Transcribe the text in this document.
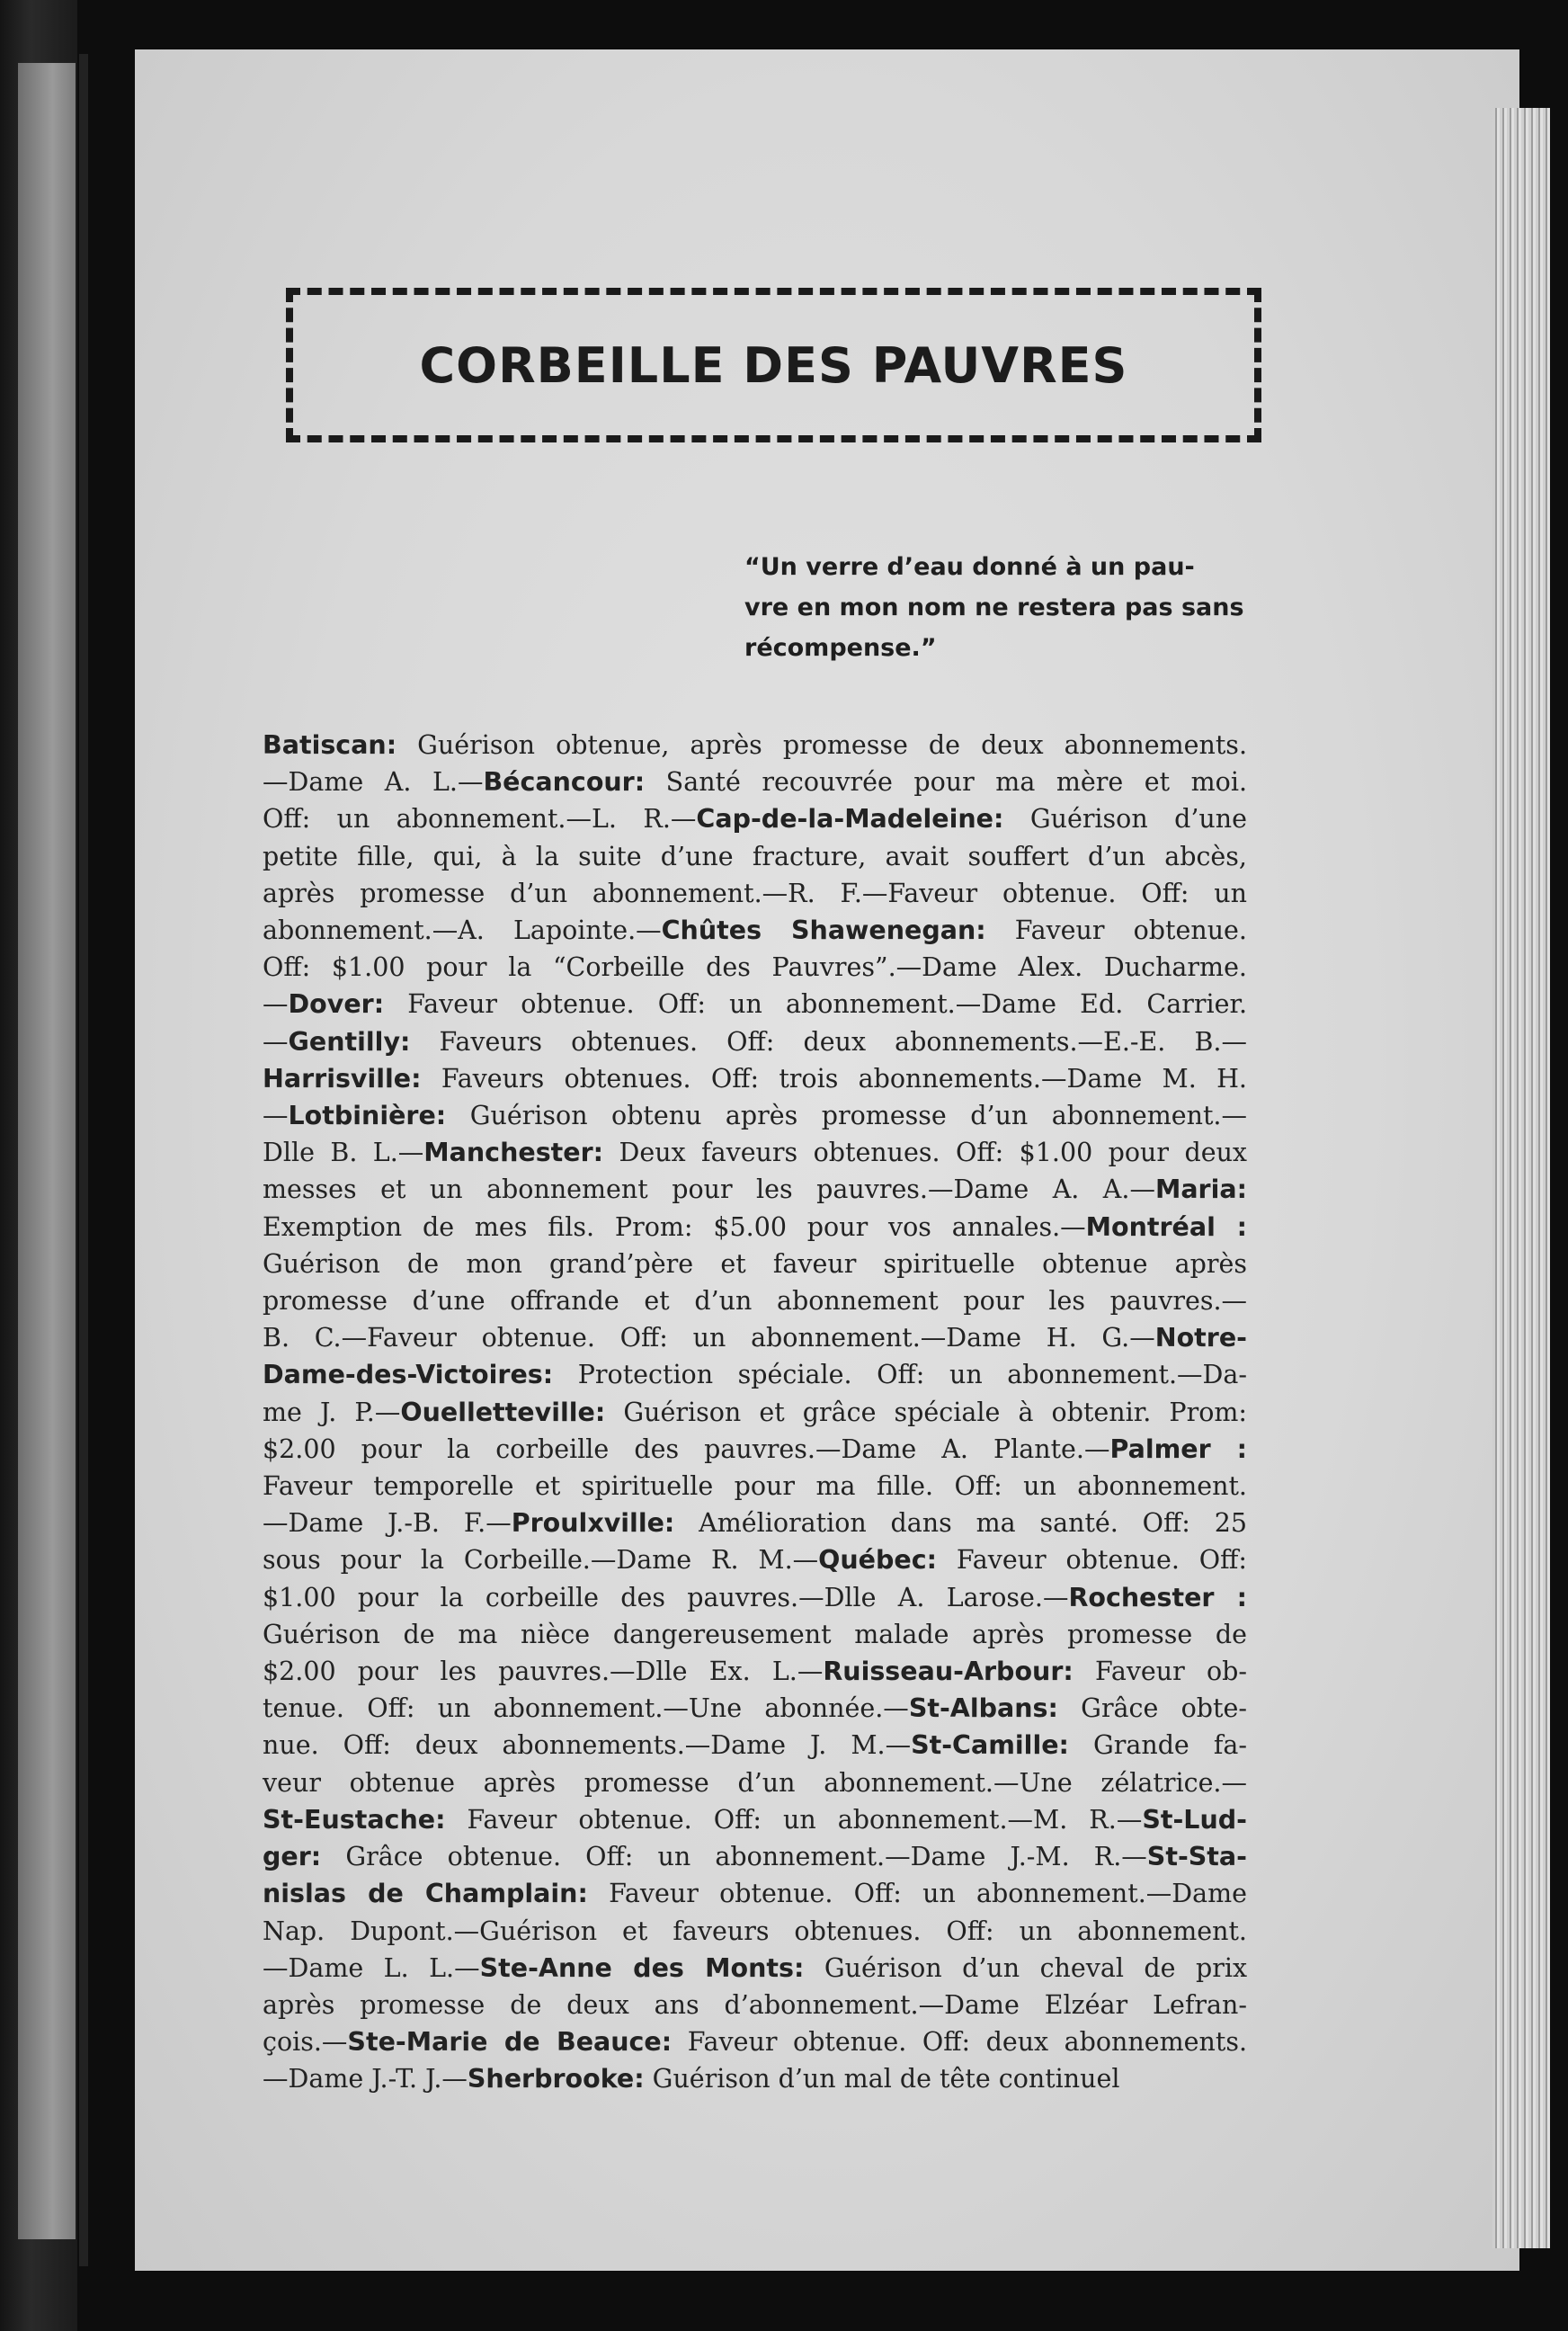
CORBEILLE DES PAUVRES
“Un verre d’eau donné à un pau-
vre en mon nom ne restera pas sans
récompense.”
Batiscan: Guérison obtenue, après promesse de deux abonnements.
—Dame A. L.—Bécancour: Santé recouvrée pour ma mère et moi.
Off: un abonnement.—L. R.—Cap-de-la-Madeleine: Guérison d’une
petite fille, qui, à la suite d’une fracture, avait souffert d’un abcès,
après promesse d’un abonnement.—R. F.—Faveur obtenue. Off: un
abonnement.—A. Lapointe.—Chûtes Shawenegan: Faveur obtenue.
Off: $1.00 pour la “Corbeille des Pauvres”.—Dame Alex. Ducharme.
—Dover: Faveur obtenue. Off: un abonnement.—Dame Ed. Carrier.
—Gentilly: Faveurs obtenues. Off: deux abonnements.—E.-E. B.—
Harrisville: Faveurs obtenues. Off: trois abonnements.—Dame M. H.
—Lotbinière: Guérison obtenu après promesse d’un abonnement.—
Dlle B. L.—Manchester: Deux faveurs obtenues. Off: $1.00 pour deux
messes et un abonnement pour les pauvres.—Dame A. A.—Maria:
Exemption de mes fils. Prom: $5.00 pour vos annales.—Montréal :
Guérison de mon grand’père et faveur spirituelle obtenue après
promesse d’une offrande et d’un abonnement pour les pauvres.—
B. C.—Faveur obtenue. Off: un abonnement.—Dame H. G.—Notre-
Dame-des-Victoires: Protection spéciale. Off: un abonnement.—Da-
me J. P.—Ouelletteville: Guérison et grâce spéciale à obtenir. Prom:
$2.00 pour la corbeille des pauvres.—Dame A. Plante.—Palmer :
Faveur temporelle et spirituelle pour ma fille. Off: un abonnement.
—Dame J.-B. F.—Proulxville: Amélioration dans ma santé. Off: 25
sous pour la Corbeille.—Dame R. M.—Québec: Faveur obtenue. Off:
$1.00 pour la corbeille des pauvres.—Dlle A. Larose.—Rochester :
Guérison de ma nièce dangereusement malade après promesse de
$2.00 pour les pauvres.—Dlle Ex. L.—Ruisseau-Arbour: Faveur ob-
tenue. Off: un abonnement.—Une abonnée.—St-Albans: Grâce obte-
nue. Off: deux abonnements.—Dame J. M.—St-Camille: Grande fa-
veur obtenue après promesse d’un abonnement.—Une zélatrice.—
St-Eustache: Faveur obtenue. Off: un abonnement.—M. R.—St-Lud-
ger: Grâce obtenue. Off: un abonnement.—Dame J.-M. R.—St-Sta-
nislas de Champlain: Faveur obtenue. Off: un abonnement.—Dame
Nap. Dupont.—Guérison et faveurs obtenues. Off: un abonnement.
—Dame L. L.—Ste-Anne des Monts: Guérison d’un cheval de prix
après promesse de deux ans d’abonnement.—Dame Elzéar Lefran-
çois.—Ste-Marie de Beauce: Faveur obtenue. Off: deux abonnements.
—Dame J.-T. J.—Sherbrooke: Guérison d’un mal de tête continuel
